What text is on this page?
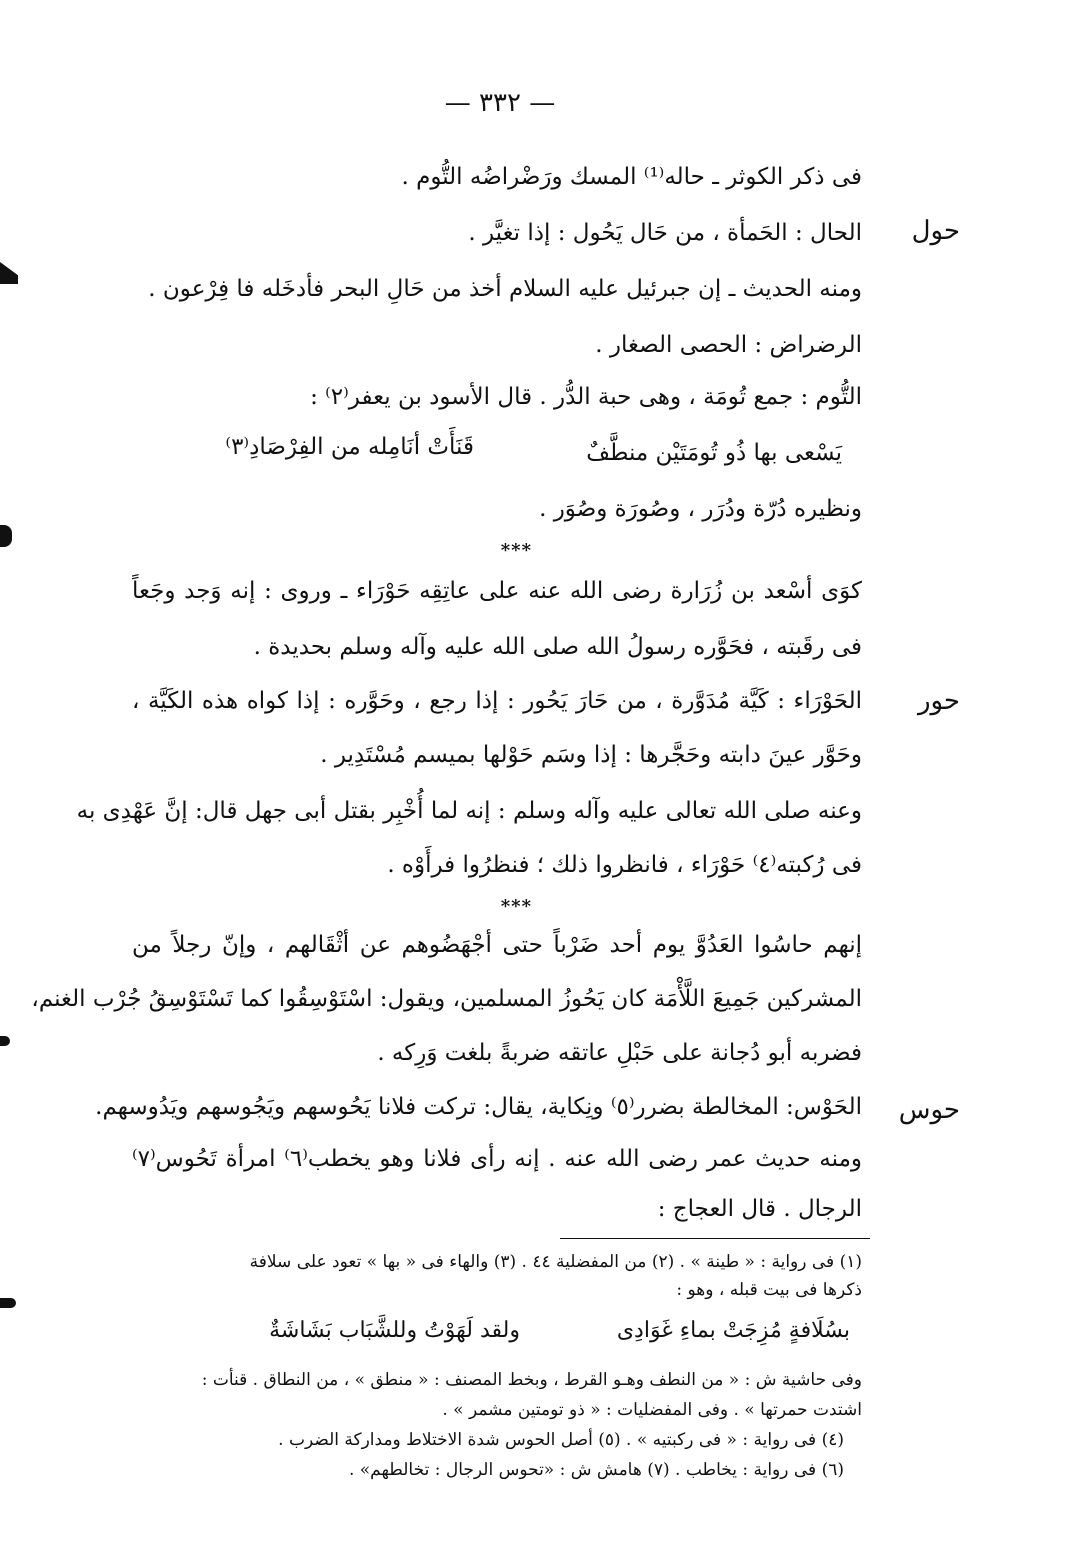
— ٣٣٢ —
حول
حور
حوس
فى ذكر الكوثر ـ حاله⁽¹⁾ المسك ورَضْراضُه التُّوم .
الحال : الحَمأة ، من حَال يَحُول : إذا تغيَّر .
ومنه الحديث ـ إن جبرئيل عليه السلام أخذ من حَالِ البحر فأدخَله فا فِرْعون .
الرضراض : الحصى الصغار .
التُّوم : جمع تُومَة ، وهى حبة الدُّر . قال الأسود بن يعفر⁽٢⁾ :
يَسْعى بها ذُو تُومَتَيْن منطَّفٌ
قَنَأَتْ أنَامِله من الفِرْصَادِ⁽٣⁾
ونظيره دُرّة ودُرَر ، وصُورَة وصُوَر .
***
كوَى أسْعد بن زُرَارة رضى الله عنه على عاتِقِه حَوْرَاء ـ وروى : إنه وَجد وجَعاً
فى رقَبته ، فحَوَّره رسولُ الله صلى الله عليه وآله وسلم بحديدة .
الحَوْرَاء : كَيَّة مُدَوَّرة ، من حَارَ يَحُور : إذا رجع ، وحَوَّره : إذا كواه هذه الكَيَّة ،
وحَوَّر عينَ دابته وحَجَّرها : إذا وسَم حَوْلها بميسم مُسْتَدِير .
وعنه صلى الله تعالى عليه وآله وسلم : إنه لما أُخْبِر بقتل أبى جهل قال: إنَّ عَهْدِى به
فى رُكبته⁽٤⁾ حَوْرَاء ، فانظروا ذلك ؛ فنظرُوا فرأَوْه .
***
إنهم حاسُوا العَدُوَّ يوم أحد ضَرْباً حتى أجْهَضُوهم عن أثْقَالهم ، وإنّ رجلاً من
المشركين جَمِيعَ اللَّأْمَة كان يَحُوزُ المسلمين، ويقول: اسْتَوْسِقُوا كما تَسْتَوْسِقُ جُرْب الغنم،
فضربه أبو دُجانة على حَبْلِ عاتقه ضربةً بلغت وَرِكه .
الحَوْس: المخالطة بضرر⁽٥⁾ ونِكاية، يقال: تركت فلانا يَحُوسهم ويَجُوسهم ويَدُوسهم.
ومنه حديث عمر رضى الله عنه . إنه رأى فلانا وهو يخطب⁽٦⁾ امرأة تَحُوس⁽٧⁾
الرجال . قال العجاج :
(١) فى رواية : « طينة » . (٢) من المفضلية ٤٤ . (٣) والهاء فى « بها » تعود على سلافة
ذكرها فى بيت قبله ، وهو :
ولقد لَهَوْتُ وللشَّبَاب بَشَاشَةٌ	بسُلَافةٍ مُزِجَتْ بماءِ غَوَادِى
وفى حاشية ش : « من النطف وهـو القرط ، وبخط المصنف : « منطق » ، من النطاق . قنأت :
اشتدت حمرتها » . وفى المفضليات : « ذو تومتين مشمر » .
(٤) فى رواية : « فى ركبتيه » . (٥) أصل الحوس شدة الاختلاط ومداركة الضرب .
(٦) فى رواية : يخاطب . (٧) هامش ش : «تحوس الرجال : تخالطهم» .
